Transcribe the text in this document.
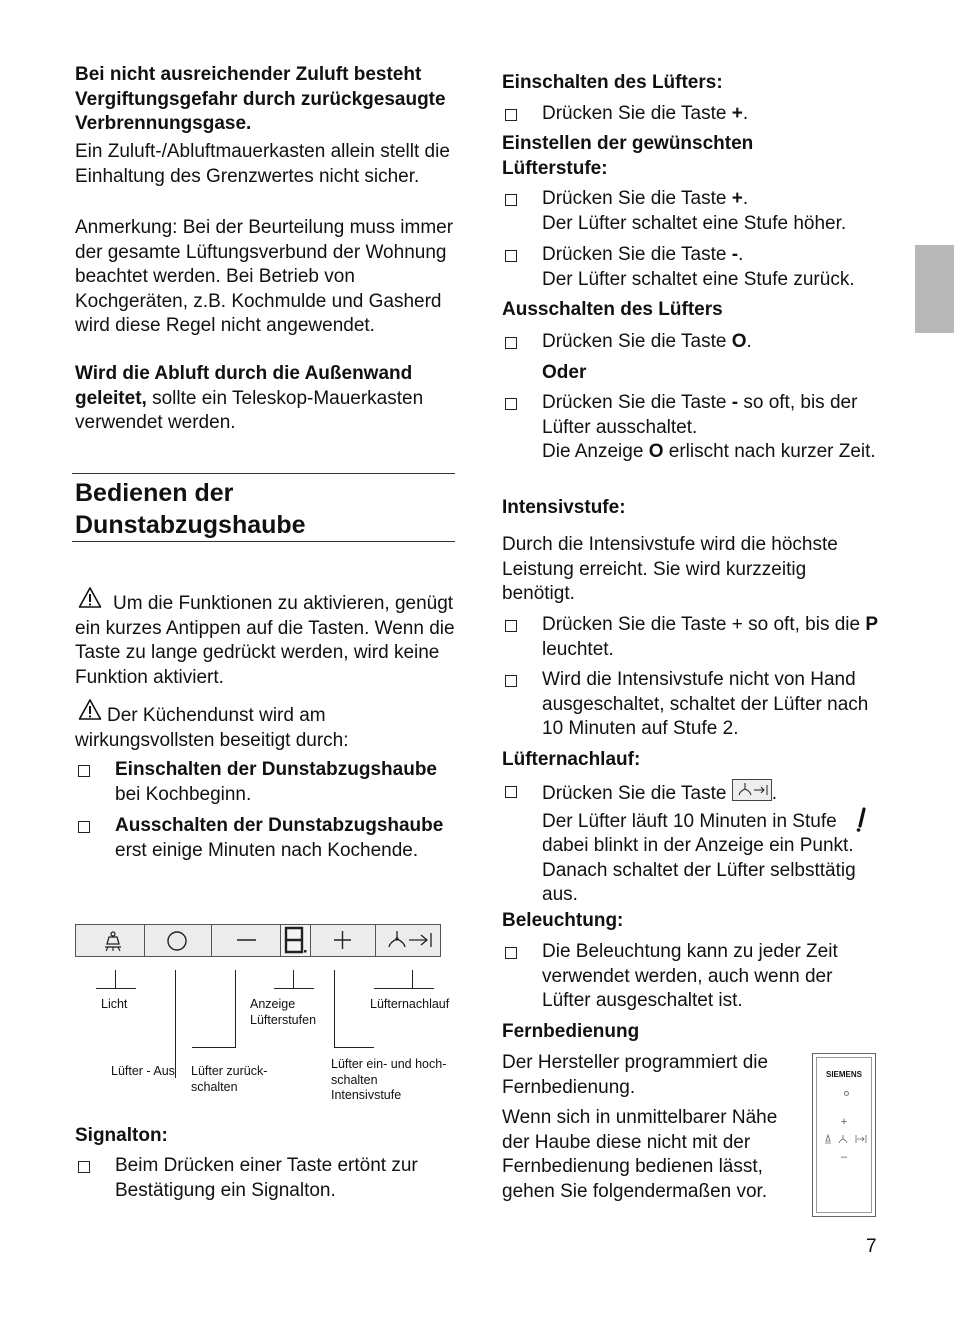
Bei nicht ausreichender Zuluft besteht Vergiftungsgefahr durch zurückgesaugte Verbrennungsgase.

Ein Zuluft-/Abluftmauerkasten allein stellt die Einhaltung des Grenzwertes nicht sicher.

Anmerkung: Bei der Beurteilung muss immer der gesamte Lüftungsverbund der Wohnung beachtet werden. Bei Betrieb von Kochgeräten, z.B. Kochmulde und Gasherd wird diese Regel nicht angewendet.

Wird die Abluft durch die Außenwand geleitet, sollte ein Teleskop-Mauerkasten verwendet werden.

Bedienen der
Dunstabzugshaube

Um die Funktionen zu aktivieren, genügt ein kurzes Antippen auf die Tasten. Wenn die Taste zu lange gedrückt werden, wird keine Funktion aktiviert.

Der Küchendunst wird am wirkungsvollsten beseitigt durch:

Einschalten der Dunstabzugshaube bei Kochbeginn.

Ausschalten der Dunstabzugshaube erst einige Minuten nach Kochende.

Licht	Anzeige Lüfterstufen
Lüfternachlauf
Lüfter - Aus Lüfter zurück-
schalten
Lüfter ein- und hoch-
schalten
Intensivstufe

Signalton:

Beim Drücken einer Taste ertönt zur Bestätigung ein Signalton.

Einschalten des Lüfters:

Drücken Sie die Taste +.

Einstellen der gewünschten
Lüfterstufe:

Drücken Sie die Taste +.
Der Lüfter schaltet eine Stufe höher.

Drücken Sie die Taste -.
Der Lüfter schaltet eine Stufe zurück.

Ausschalten des Lüfters

Drücken Sie die Taste O.

Oder

Drücken Sie die Taste - so oft, bis der Lüfter ausschaltet.
Die Anzeige O erlischt nach kurzer Zeit.

Intensivstufe:

Durch die Intensivstufe wird die höchste Leistung erreicht. Sie wird kurzzeitig benötigt.

Drücken Sie die Taste + so oft, bis die P leuchtet.

Wird die Intensivstufe nicht von Hand ausgeschaltet, schaltet der Lüfter nach 10 Minuten auf Stufe 2.

Lüfternachlauf:

Drücken Sie die Taste .
Der Lüfter läuft 10 Minuten in Stufe
dabei blinkt in der Anzeige ein Punkt.
Danach schaltet der Lüfter selbsttätig aus.

Beleuchtung:

Die Beleuchtung kann zu jeder Zeit verwendet werden, auch wenn der Lüfter ausgeschaltet ist.

Fernbedienung

Der Hersteller programmiert die Fernbedienung.

Wenn sich in unmittelbarer Nähe der Haube diese nicht mit der Fernbedienung bedienen lässt, gehen Sie folgendermaßen vor.

SIEMENS
+
–
7
